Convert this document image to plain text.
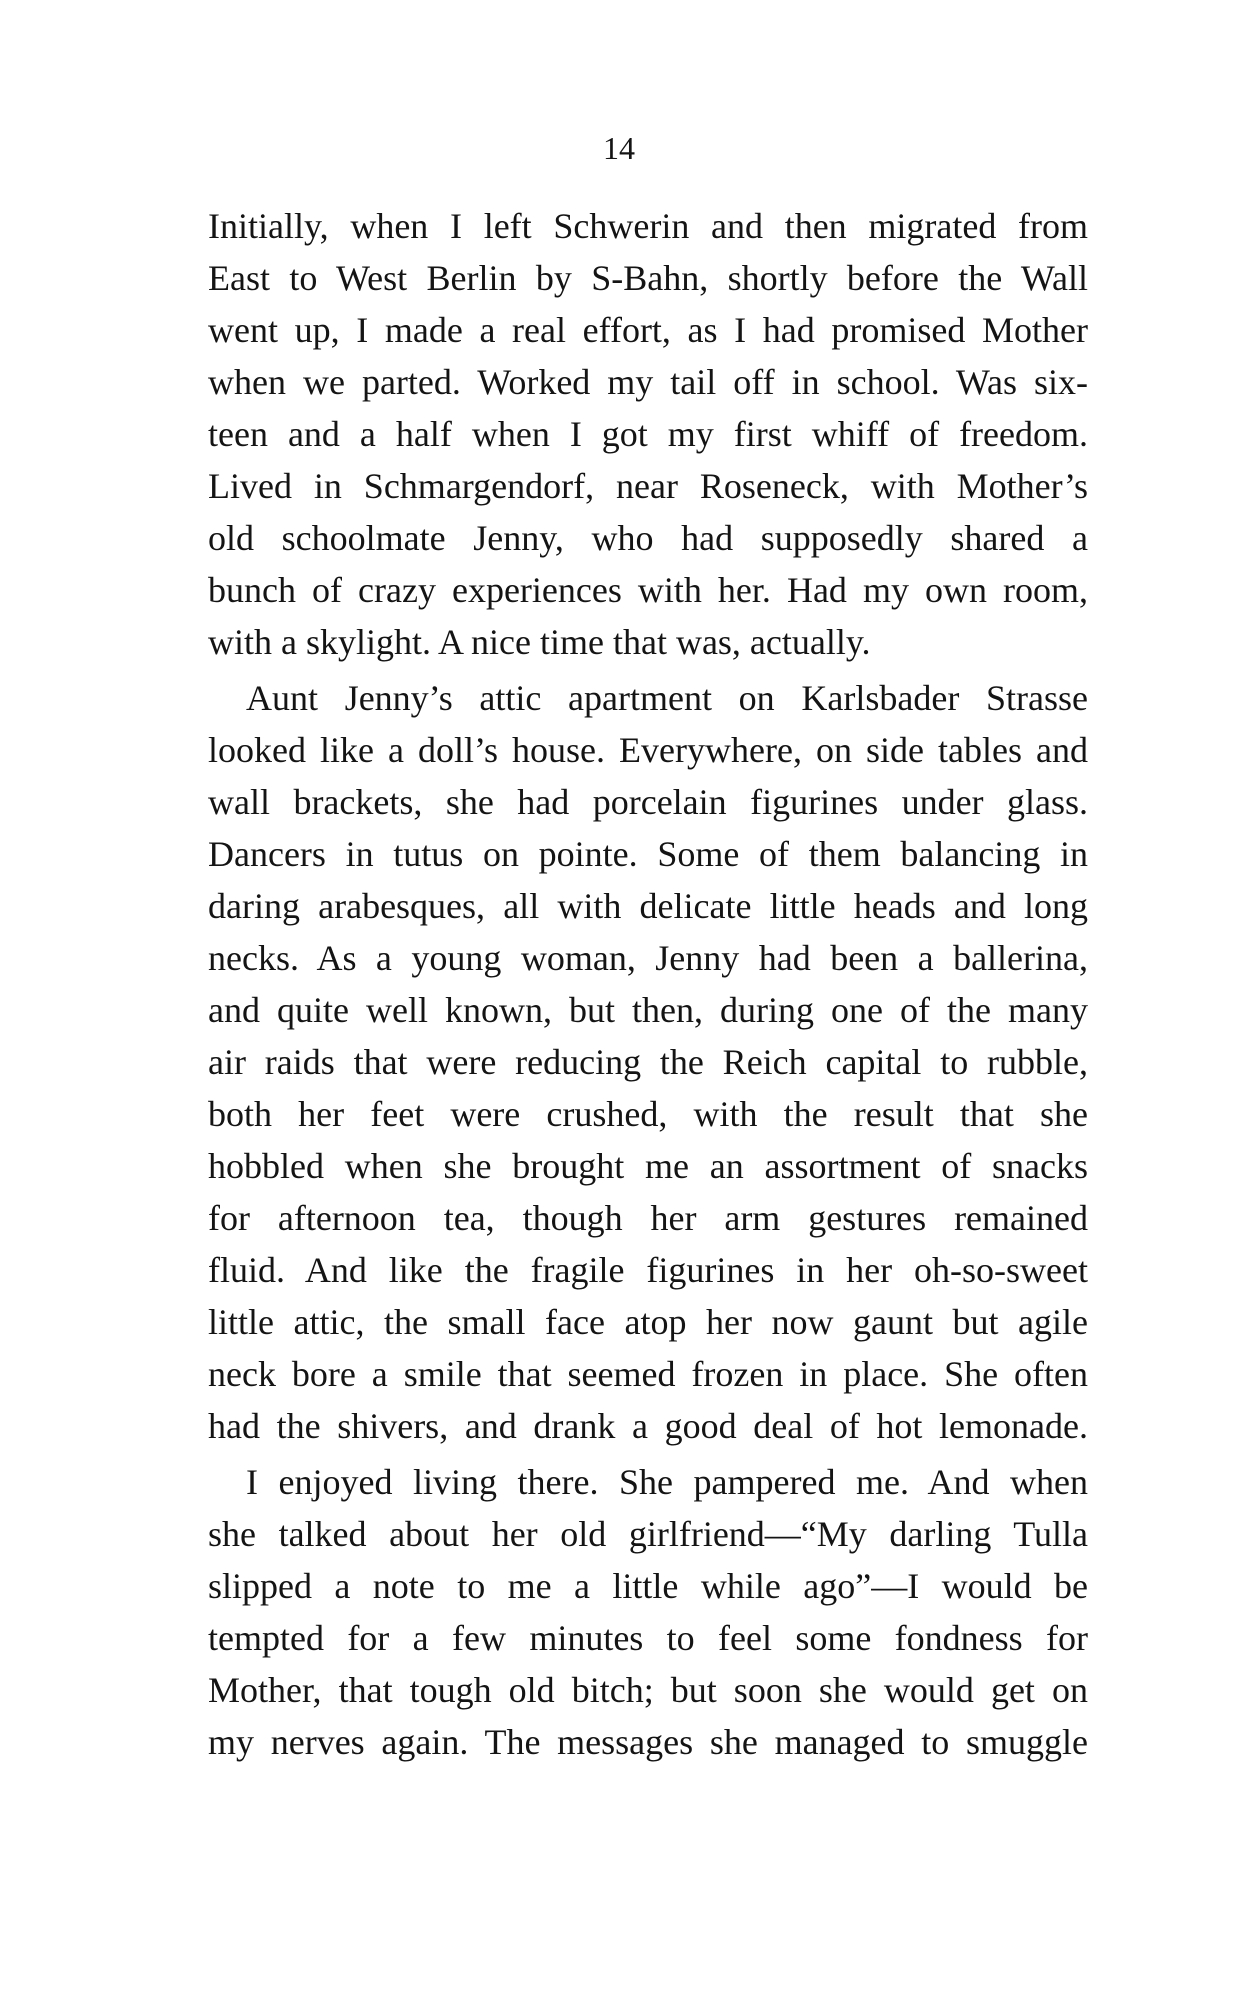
14
Initially, when I left Schwerin and then migrated from
East to West Berlin by S-Bahn, shortly before the Wall
went up, I made a real effort, as I had promised Mother
when we parted. Worked my tail off in school. Was six-
teen and a half when I got my first whiff of freedom.
Lived in Schmargendorf, near Roseneck, with Mother’s
old schoolmate Jenny, who had supposedly shared a
bunch of crazy experiences with her. Had my own room,
with a skylight. A nice time that was, actually.
Aunt Jenny’s attic apartment on Karlsbader Strasse
looked like a doll’s house. Everywhere, on side tables and
wall brackets, she had porcelain figurines under glass.
Dancers in tutus on pointe. Some of them balancing in
daring arabesques, all with delicate little heads and long
necks. As a young woman, Jenny had been a ballerina,
and quite well known, but then, during one of the many
air raids that were reducing the Reich capital to rubble,
both her feet were crushed, with the result that she
hobbled when she brought me an assortment of snacks
for afternoon tea, though her arm gestures remained
fluid. And like the fragile figurines in her oh-so-sweet
little attic, the small face atop her now gaunt but agile
neck bore a smile that seemed frozen in place. She often
had the shivers, and drank a good deal of hot lemonade.
I enjoyed living there. She pampered me. And when
she talked about her old girlfriend—“My darling Tulla
slipped a note to me a little while ago”—I would be
tempted for a few minutes to feel some fondness for
Mother, that tough old bitch; but soon she would get on
my nerves again. The messages she managed to smuggle
